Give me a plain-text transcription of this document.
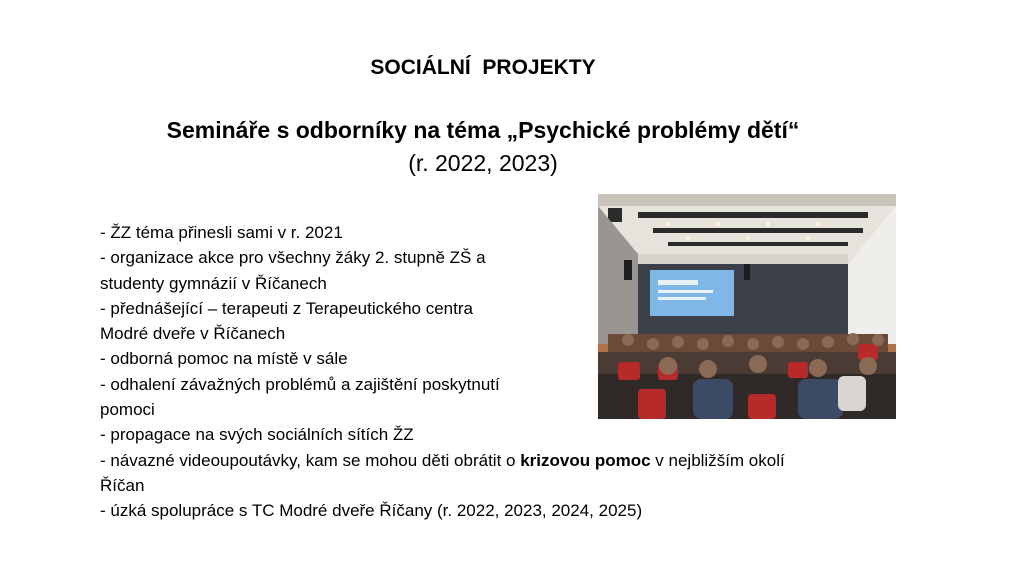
SOCIÁLNÍ  PROJEKTY
Semináře s odborníky na téma „Psychické problémy dětí“
(r. 2022, 2023)
- ŽZ téma přinesli sami v r. 2021
- organizace akce pro všechny žáky 2. stupně ZŠ a
studenty gymnázií v Říčanech
- přednášející – terapeuti z Terapeutického centra
Modré dveře v Říčanech
- odborná pomoc na místě v sále
- odhalení závažných problémů a zajištění poskytnutí
pomoci
- propagace na svých sociálních sítích ŽZ
- návazné videoupoutávky, kam se mohou děti obrátit o krizovou pomoc v nejbližším okolí
Říčan
- úzká spolupráce s TC Modré dveře Říčany (r. 2022, 2023, 2024, 2025)
